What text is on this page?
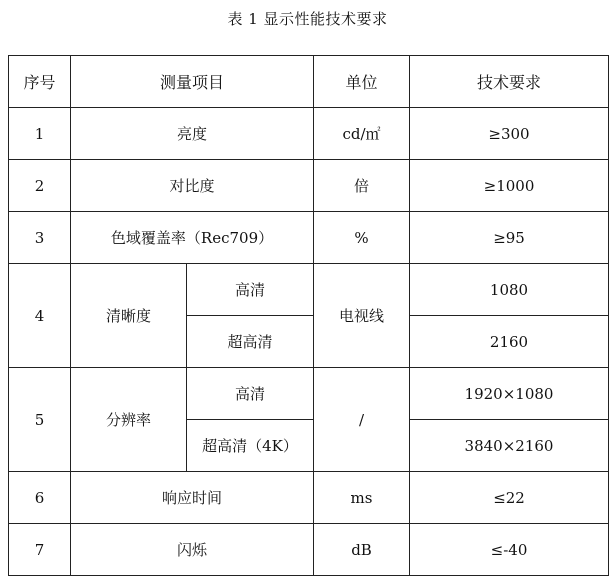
表 1 显示性能技术要求
序号	测量项目		单位	技术要求
1	亮度		cd/㎡	≥300
2	对比度		倍	≥1000
3	色域覆盖率（Rec709）		%	≥95
4	清晰度	高清	电视线	1080
		超高清		2160
5	分辨率	高清	/	1920×1080
		超高清（4K）		3840×2160
6	响应时间		ms	≤22
7	闪烁		dB	≤-40
